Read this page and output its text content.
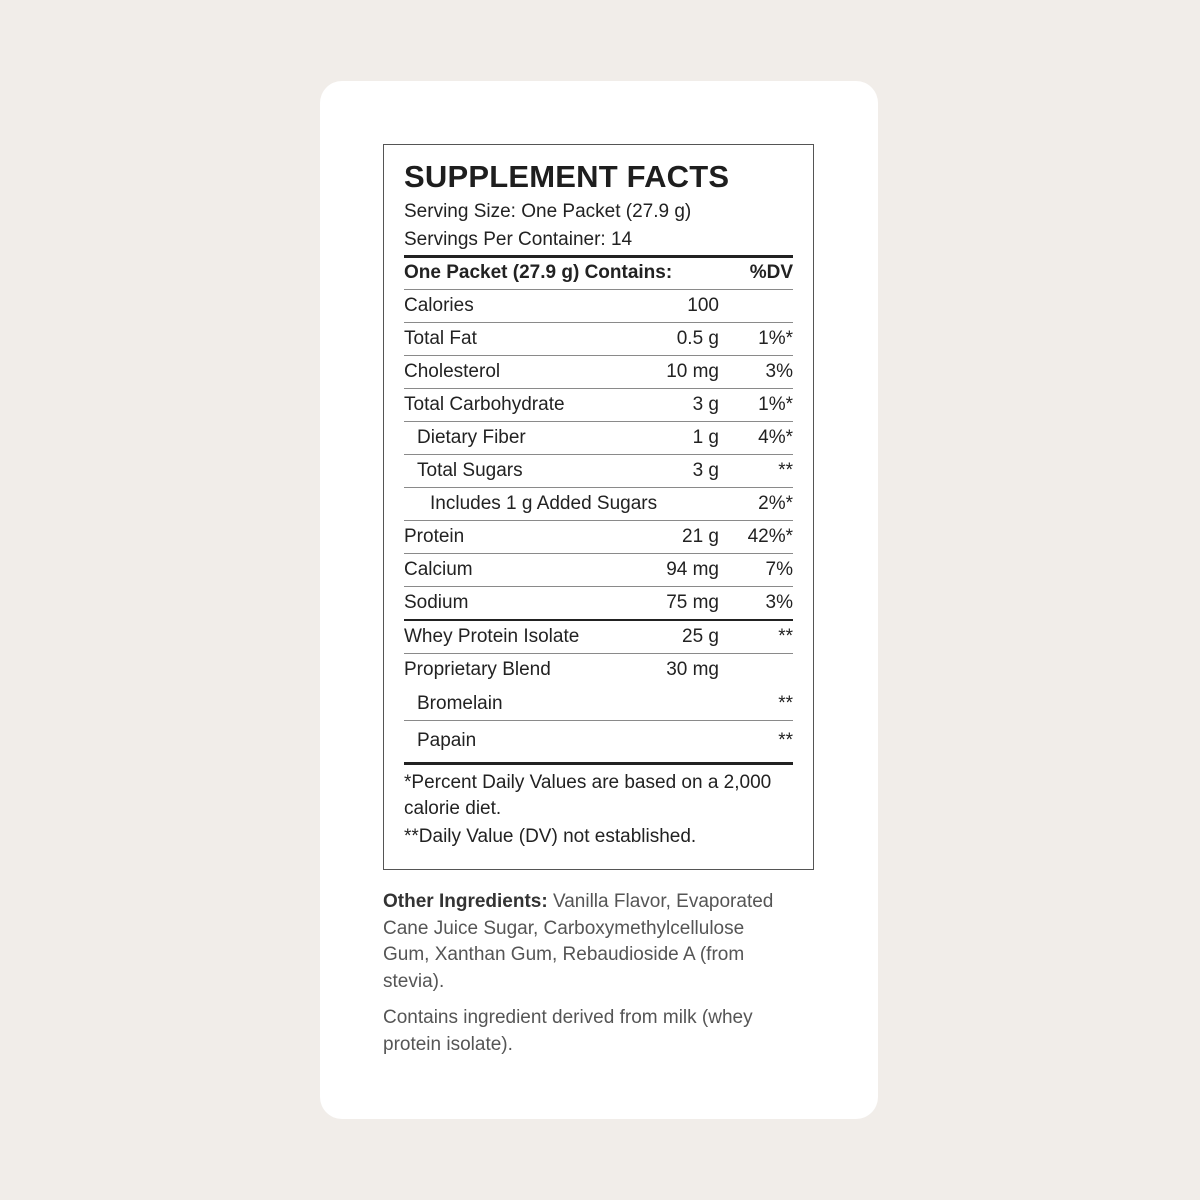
SUPPLEMENT FACTS
Serving Size: One Packet (27.9 g)
Servings Per Container: 14
One Packet (27.9 g) Contains:	%DV
Calories	100
Total Fat	0.5 g 1%*
Cholesterol	10 mg 3%
Total Carbohydrate	3 g 1%*
Dietary Fiber	1 g 4%*
Total Sugars	3 g	**
Includes 1 g Added Sugars	2%*
Protein	21 g 42%*
Calcium	94 mg 7%
Sodium	75 mg 3%
Whey Protein Isolate	25 g	**
Proprietary Blend	30 mg
Bromelain	**
Papain	**
*Percent Daily Values are based on a 2,000 calorie diet.
**Daily Value (DV) not established.
Other Ingredients: Vanilla Flavor, Evaporated Cane Juice Sugar, Carboxymethylcellulose Gum, Xanthan Gum, Rebaudioside A (from stevia).
Contains ingredient derived from milk (whey protein isolate).
